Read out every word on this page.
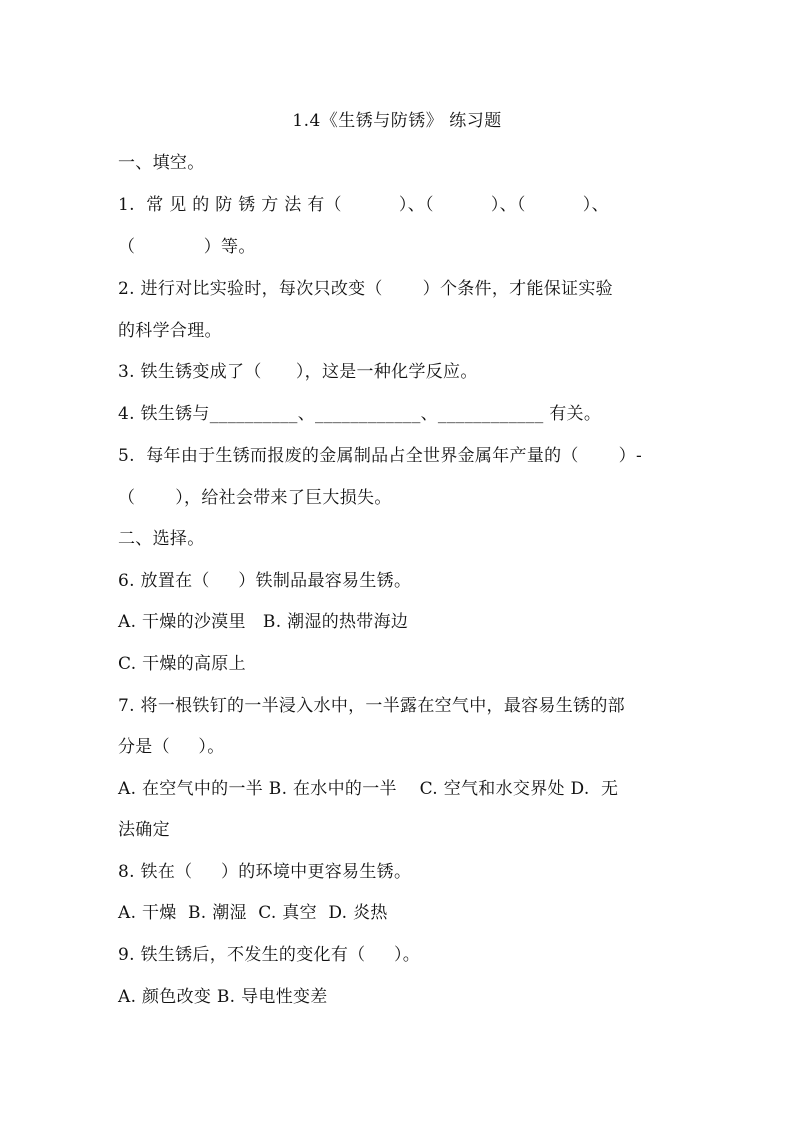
1.4《生锈与防锈》 练习题
一、填空。
1.  常 见 的 防 锈 方 法 有（          ）、（          ）、（          ）、
（            ）等。
2. 进行对比实验时，每次只改变（       ）个条件，才能保证实验
的科学合理。
3. 铁生锈变成了（      ），这是一种化学反应。
4. 铁生锈与__________、____________、____________ 有关。
5.  每年由于生锈而报废的金属制品占全世界金属年产量的（       ）-
（       ），给社会带来了巨大损失。
二、选择。
6. 放置在（     ）铁制品最容易生锈。
A. 干燥的沙漠里   B. 潮湿的热带海边
C. 干燥的高原上
7. 将一根铁钉的一半浸入水中，一半露在空气中，最容易生锈的部
分是（     ）。
A. 在空气中的一半 B. 在水中的一半    C. 空气和水交界处 D.  无
法确定
8. 铁在（     ）的环境中更容易生锈。
A. 干燥  B. 潮湿  C. 真空  D. 炎热
9. 铁生锈后，不发生的变化有（     ）。
A. 颜色改变 B. 导电性变差
